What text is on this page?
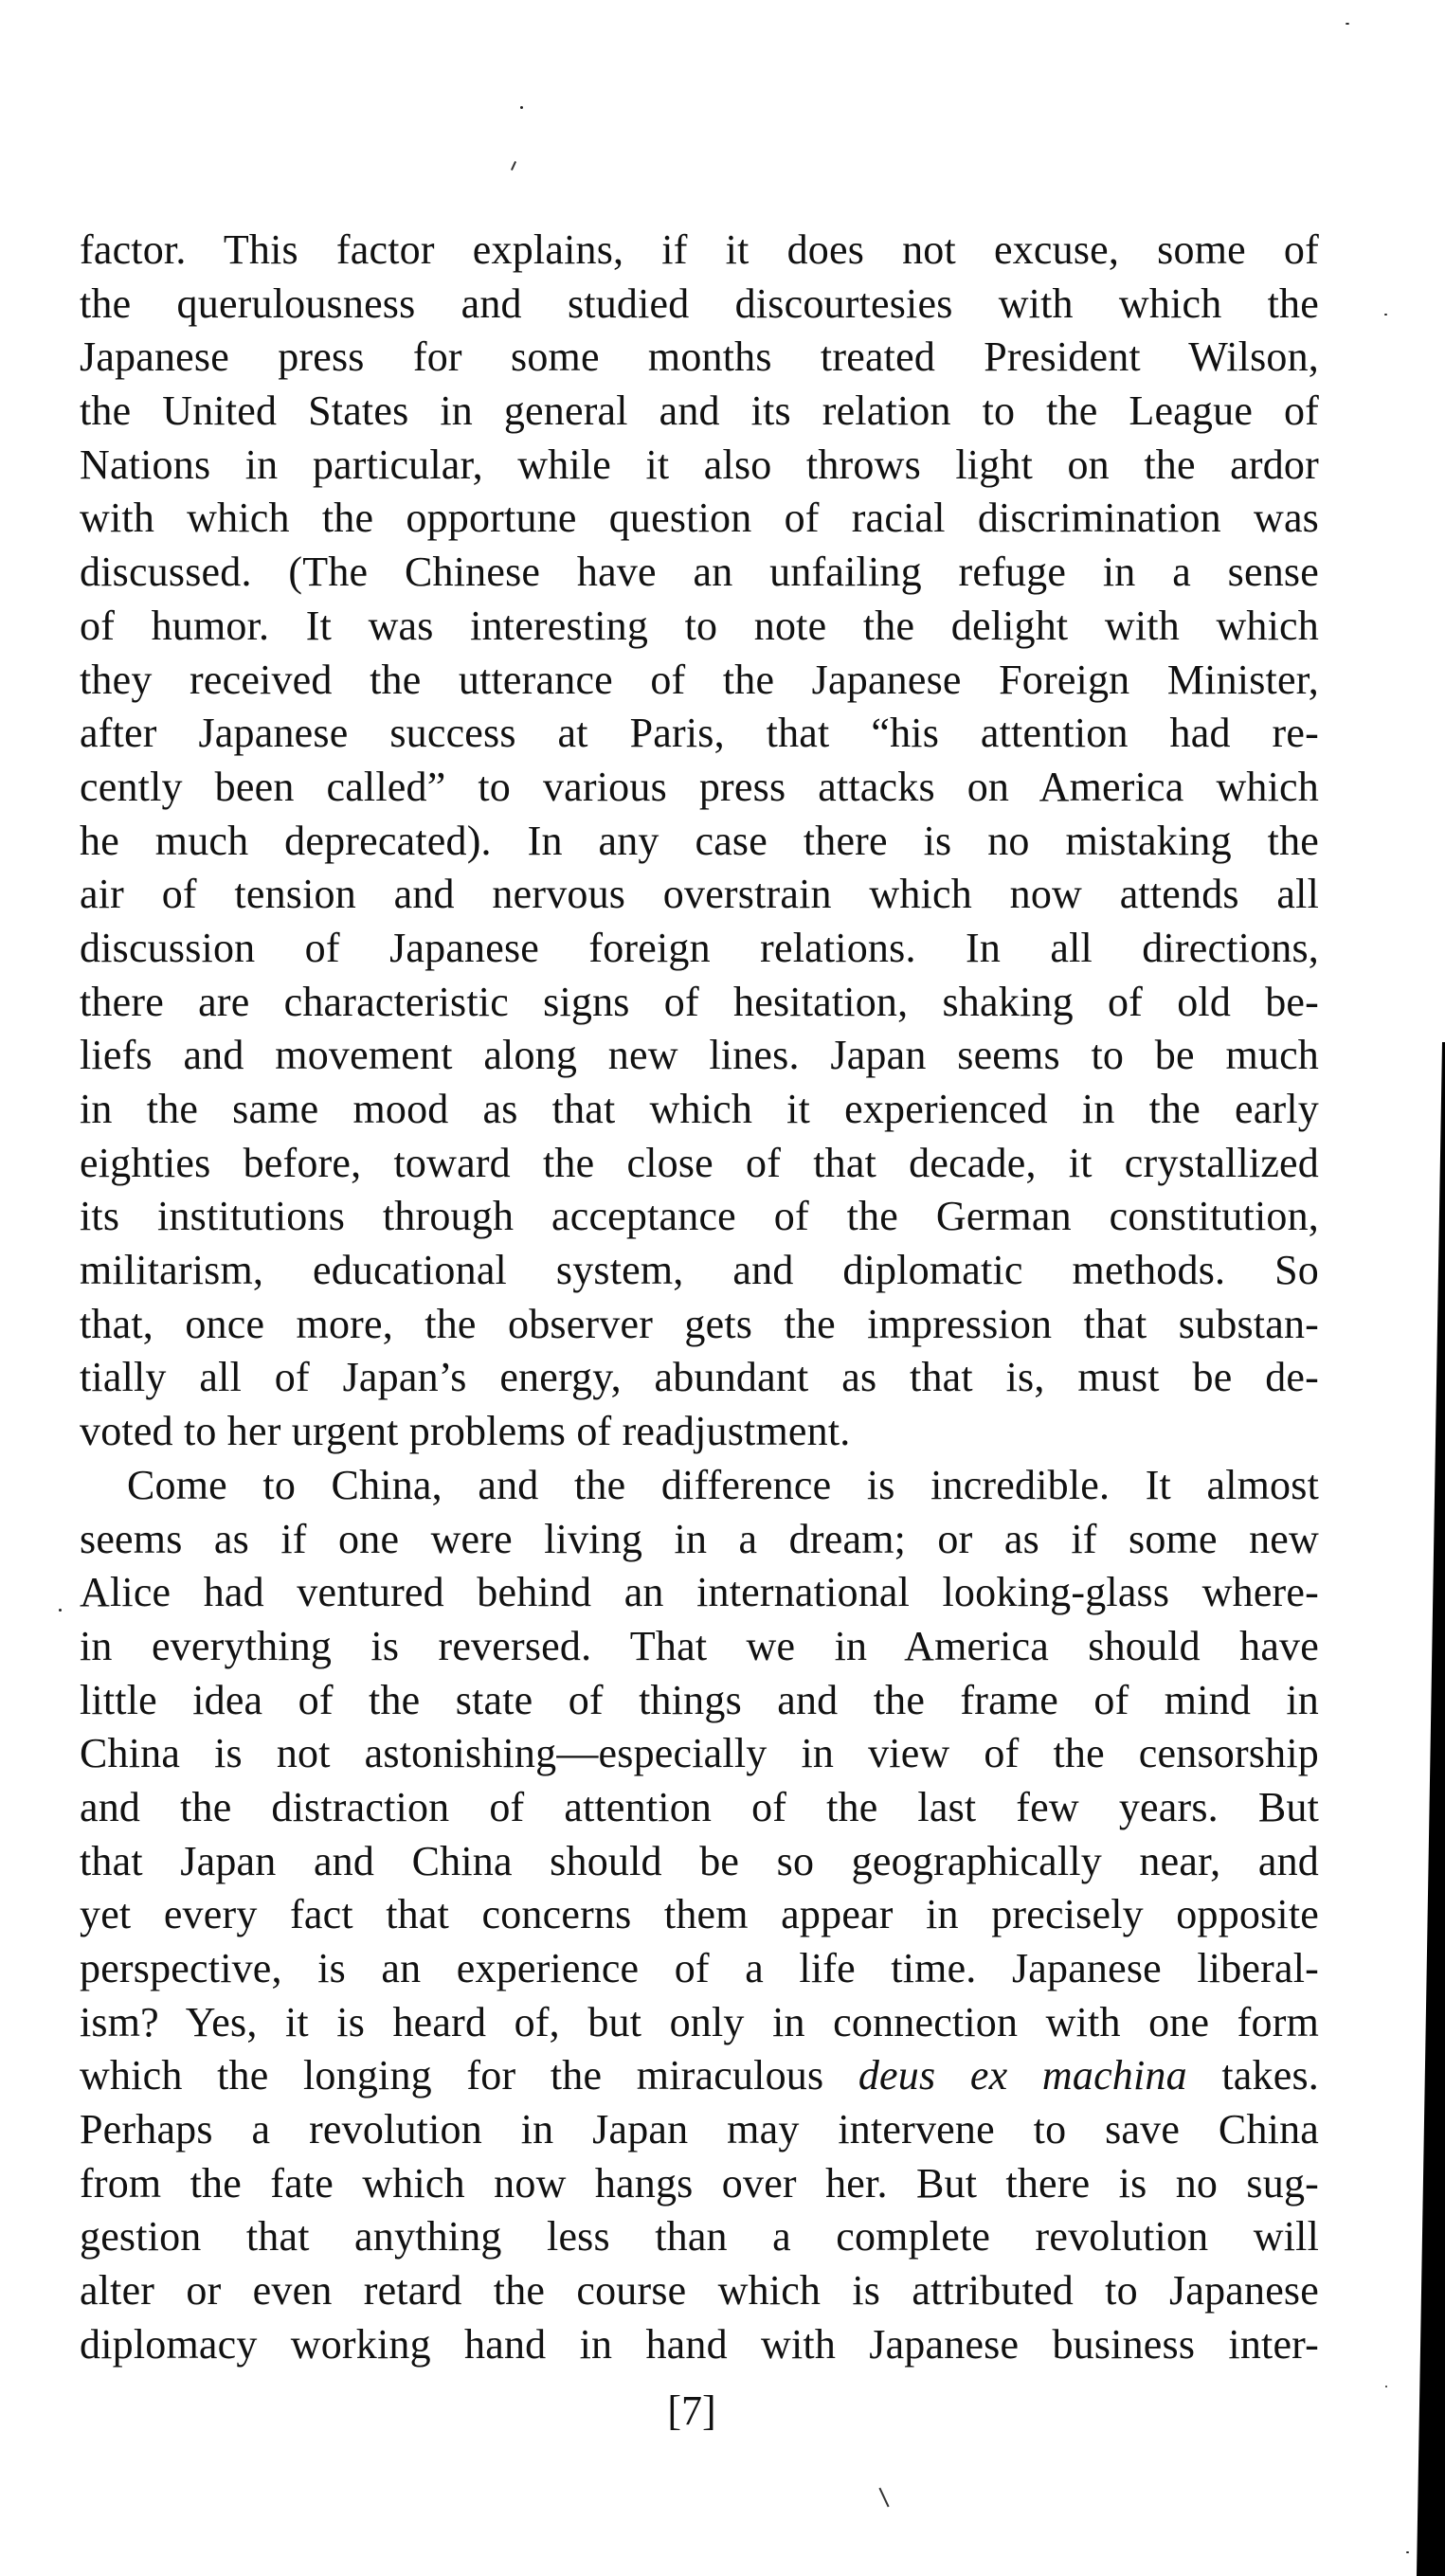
factor. This factor explains, if it does not excuse, some of
the querulousness and studied discourtesies with which the
Japanese press for some months treated President Wilson,
the United States in general and its relation to the League of
Nations in particular, while it also throws light on the ardor
with which the opportune question of racial discrimination was
discussed. (The Chinese have an unfailing refuge in a sense
of humor. It was interesting to note the delight with which
they received the utterance of the Japanese Foreign Minister,
after Japanese success at Paris, that “his attention had re-
cently been called” to various press attacks on America which
he much deprecated). In any case there is no mistaking the
air of tension and nervous overstrain which now attends all
discussion of Japanese foreign relations. In all directions,
there are characteristic signs of hesitation, shaking of old be-
liefs and movement along new lines. Japan seems to be much
in the same mood as that which it experienced in the early
eighties before, toward the close of that decade, it crystallized
its institutions through acceptance of the German constitution,
militarism, educational system, and diplomatic methods. So
that, once more, the observer gets the impression that substan-
tially all of Japan’s energy, abundant as that is, must be de-
voted to her urgent problems of readjustment.
Come to China, and the difference is incredible. It almost
seems as if one were living in a dream; or as if some new
Alice had ventured behind an international looking-glass where-
in everything is reversed. That we in America should have
little idea of the state of things and the frame of mind in
China is not astonishing—especially in view of the censorship
and the distraction of attention of the last few years. But
that Japan and China should be so geographically near, and
yet every fact that concerns them appear in precisely opposite
perspective, is an experience of a life time. Japanese liberal-
ism? Yes, it is heard of, but only in connection with one form
which the longing for the miraculous deus ex machina takes.
Perhaps a revolution in Japan may intervene to save China
from the fate which now hangs over her. But there is no sug-
gestion that anything less than a complete revolution will
alter or even retard the course which is attributed to Japanese
diplomacy working hand in hand with Japanese business inter-
[7]
